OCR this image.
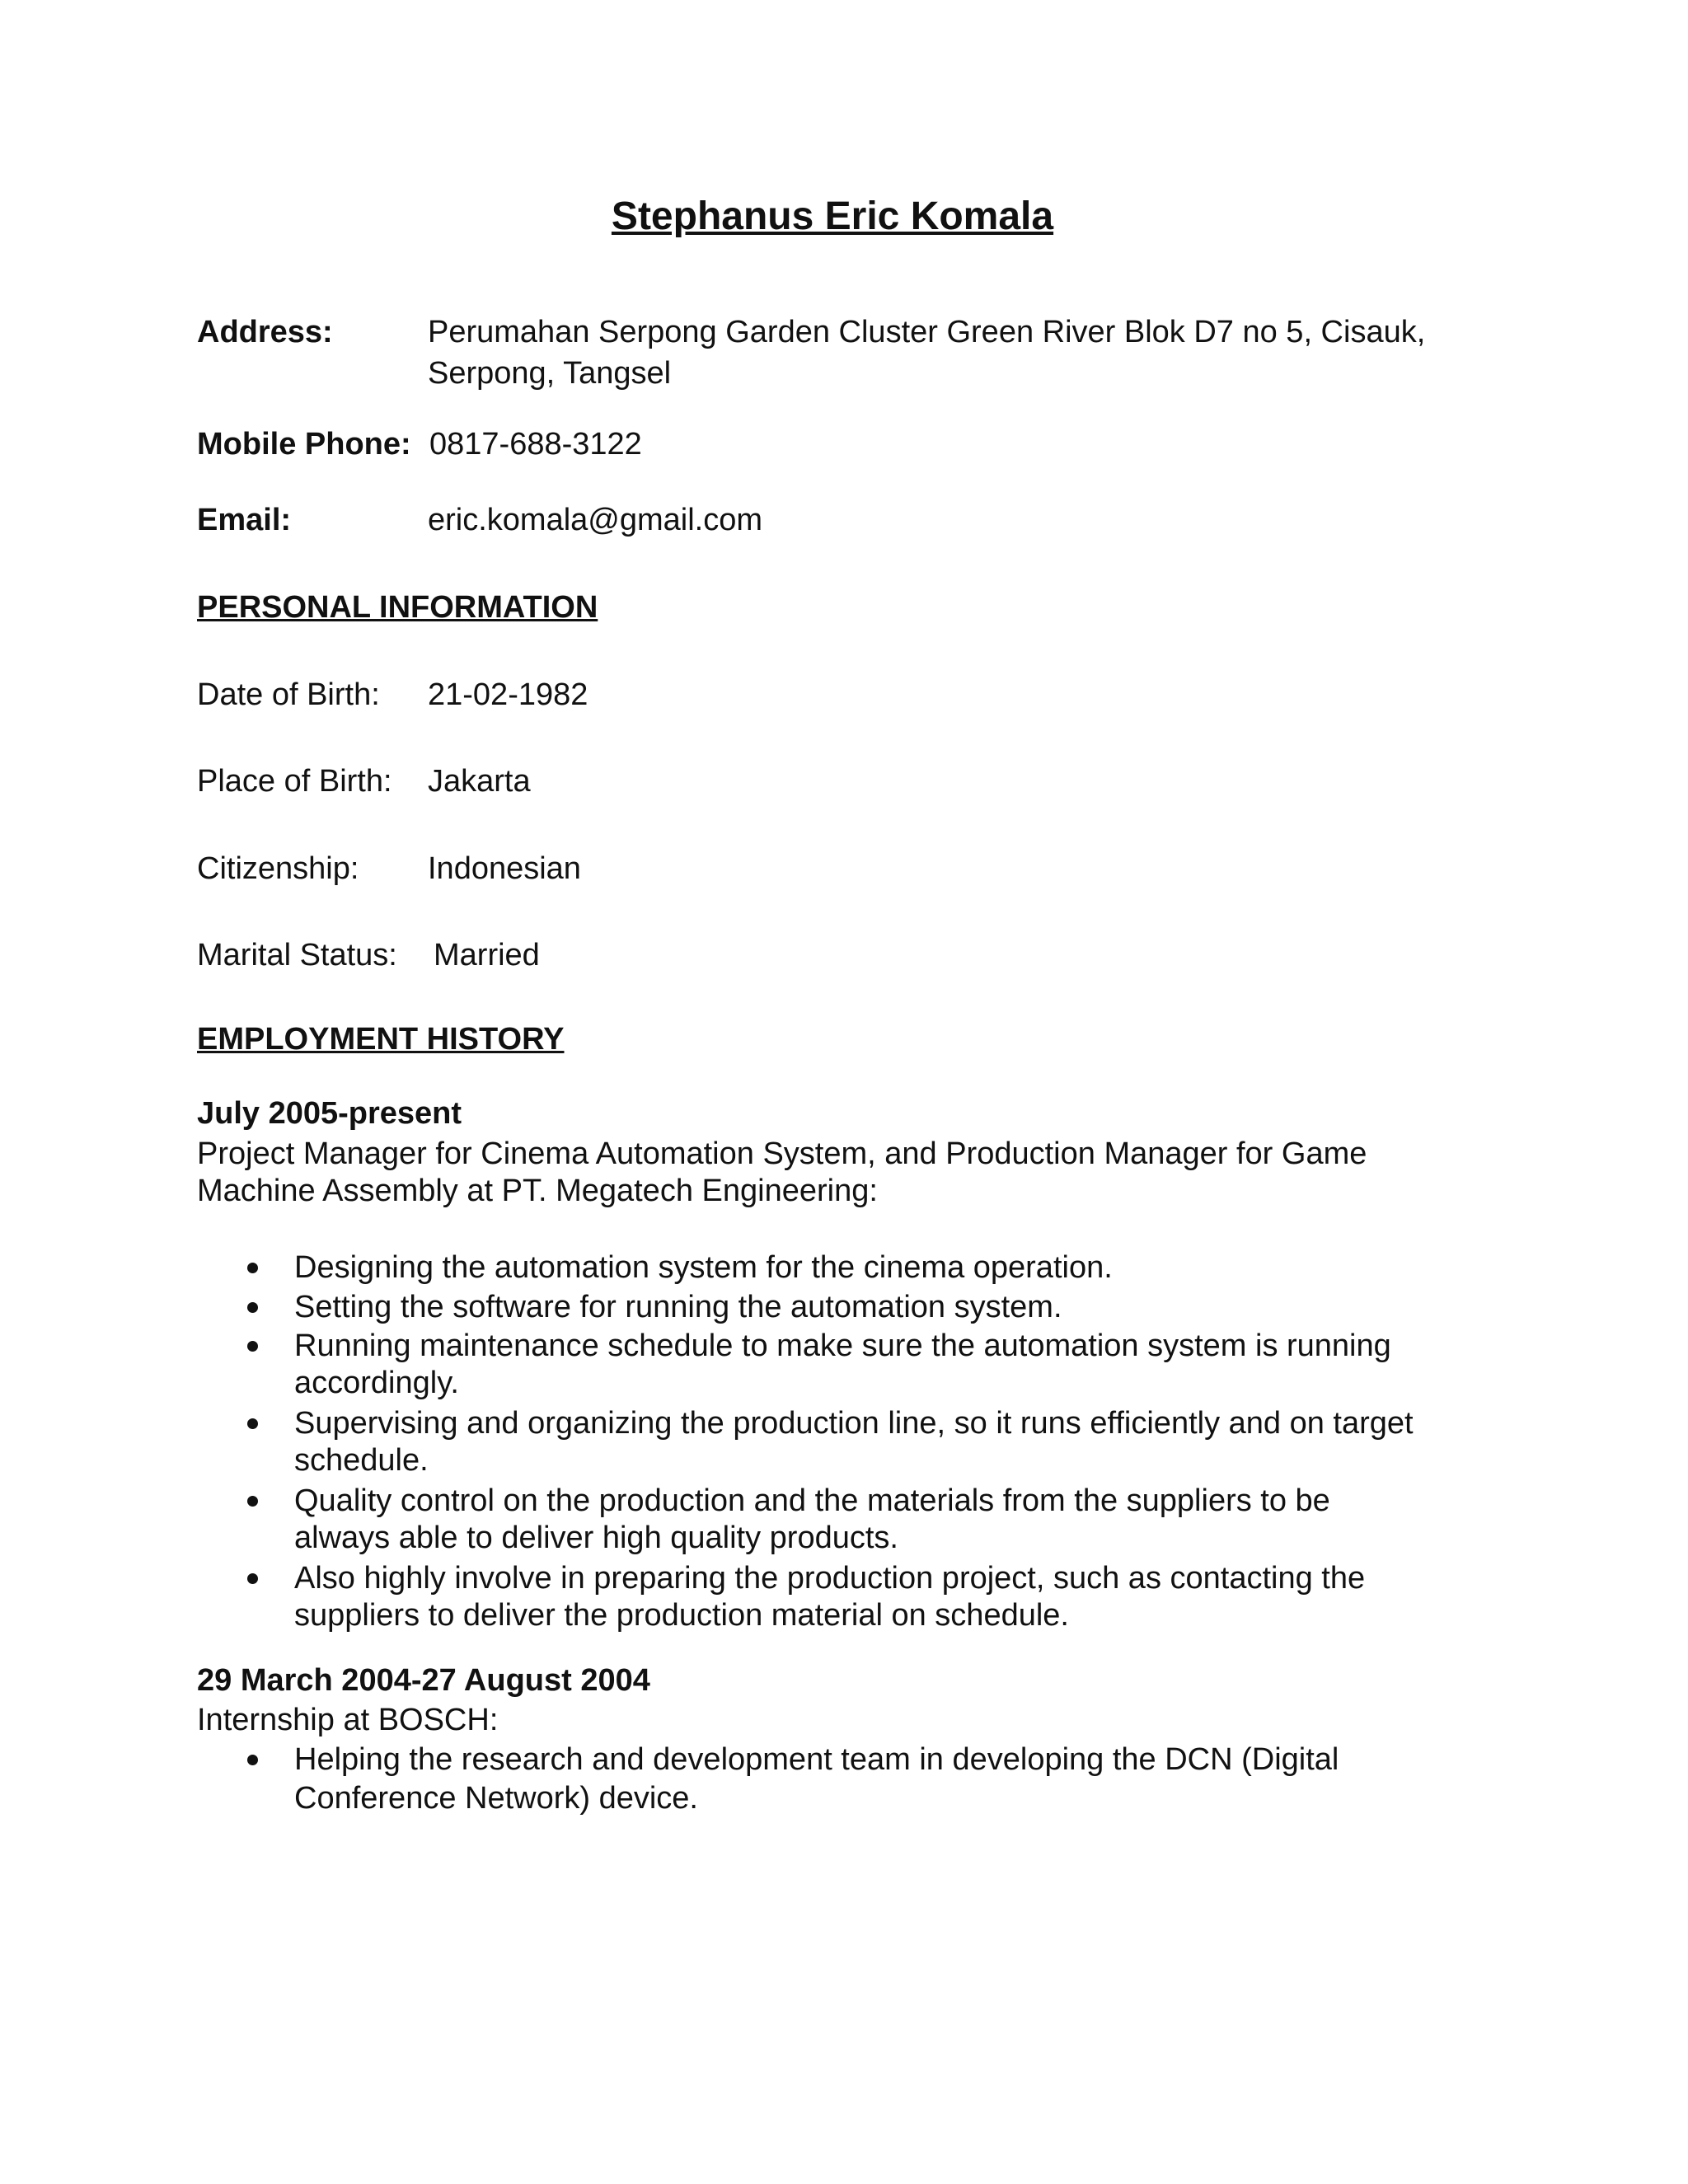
Stephanus Eric Komala
Address:	Perumahan Serpong Garden Cluster Green River Blok D7 no 5, Cisauk,
Serpong, Tangsel
Mobile Phone: 0817-688-3122
Email:	eric.komala@gmail.com
PERSONAL INFORMATION
Date of Birth: 21-02-1982
Place of Birth: Jakarta
Citizenship: Indonesian
Marital Status: Married
EMPLOYMENT HISTORY
July 2005-present
Project Manager for Cinema Automation System, and Production Manager for Game
Machine Assembly at PT. Megatech Engineering:
Designing the automation system for the cinema operation.
Setting the software for running the automation system.
Running maintenance schedule to make sure the automation system is running
accordingly.
Supervising and organizing the production line, so it runs efficiently and on target
schedule.
Quality control on the production and the materials from the suppliers to be
always able to deliver high quality products.
Also highly involve in preparing the production project, such as contacting the
suppliers to deliver the production material on schedule.
29 March 2004-27 August 2004
Internship at BOSCH:
Helping the research and development team in developing the DCN (Digital
Conference Network) device.
